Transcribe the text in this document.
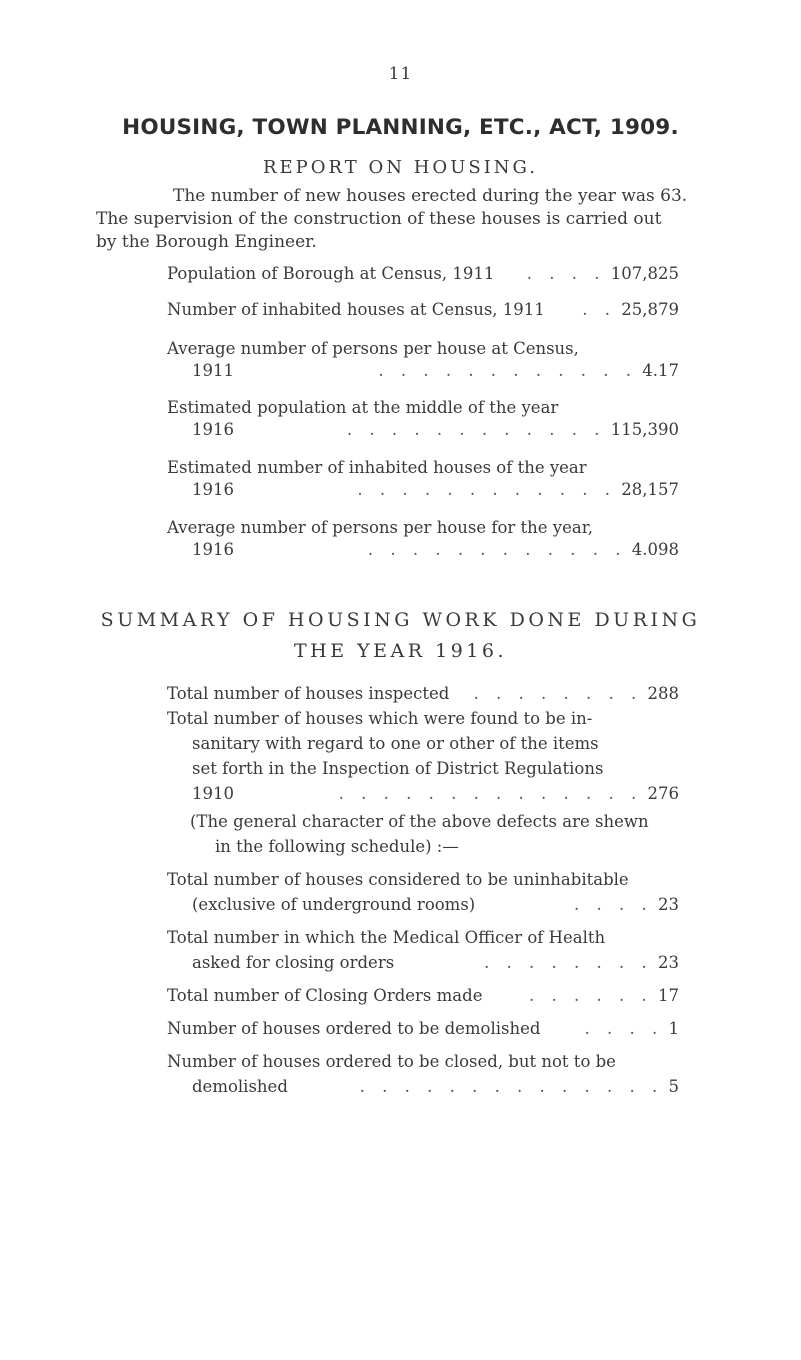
11
HOUSING, TOWN PLANNING, ETC., ACT, 1909.
REPORT ON HOUSING.
The number of new houses erected during the year was 63.
The supervision of the construction of these houses is carried out
by the Borough Engineer.
Population of Borough at Census, 1911	. . . . 107,825
Number of inhabited houses at Census, 1911	. . 25,879
Average number of persons per house at Census,
1911	. . . . . . . . . . . . 4.17
Estimated population at the middle of the year
1916	. . . . . . . . . . . . 115,390
Estimated number of inhabited houses of the year
1916	. . . . . . . . . . . . 28,157
Average number of persons per house for the year,
1916	. . . . . . . . . . . . 4.098
SUMMARY OF HOUSING WORK DONE DURING
THE YEAR 1916.
Total number of houses inspected . . . . . . . . 288
Total number of houses which were found to be in-
sanitary with regard to one or other of the items
set forth in the Inspection of District Regulations
1910	. . . . . . . . . . . . . . 276
(The general character of the above defects are shewn
in the following schedule) :—
Total number of houses considered to be uninhabitable
(exclusive of underground rooms)	. . . . 23
Total number in which the Medical Officer of Health
asked for closing orders	. . . . . . . . 23
Total number of Closing Orders made	. . . . . . 17
Number of houses ordered to be demolished	. . . . 1
Number of houses ordered to be closed, but not to be
demolished	. . . . . . . . . . . . . . 5
